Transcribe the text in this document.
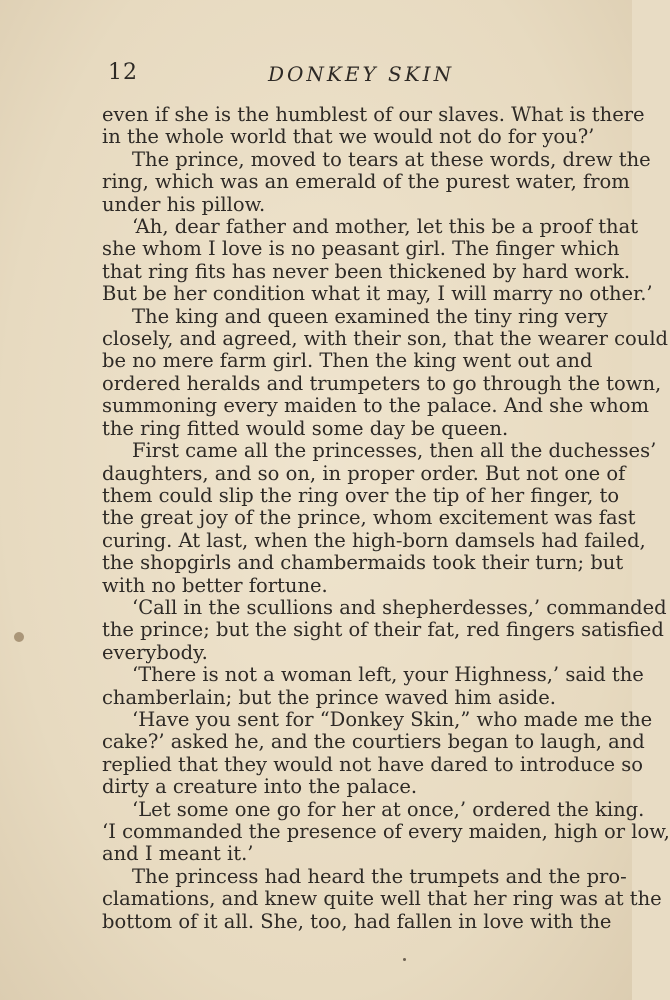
12	DONKEY SKIN
even if she is the humblest of our slaves. What is there
in the whole world that we would not do for you?’
The prince, moved to tears at these words, drew the
ring, which was an emerald of the purest water, from
under his pillow.
‘Ah, dear father and mother, let this be a proof that
she whom I love is no peasant girl. The finger which
that ring fits has never been thickened by hard work.
But be her condition what it may, I will marry no other.’
The king and queen examined the tiny ring very
closely, and agreed, with their son, that the wearer could
be no mere farm girl. Then the king went out and
ordered heralds and trumpeters to go through the town,
summoning every maiden to the palace. And she whom
the ring fitted would some day be queen.
First came all the princesses, then all the duchesses’
daughters, and so on, in proper order. But not one of
them could slip the ring over the tip of her finger, to
the great joy of the prince, whom excitement was fast
curing. At last, when the high-born damsels had failed,
the shopgirls and chambermaids took their turn; but
with no better fortune.
‘Call in the scullions and shepherdesses,’ commanded
the prince; but the sight of their fat, red fingers satisfied
everybody.
‘There is not a woman left, your Highness,’ said the
chamberlain; but the prince waved him aside.
‘Have you sent for “Donkey Skin,” who made me the
cake?’ asked he, and the courtiers began to laugh, and
replied that they would not have dared to introduce so
dirty a creature into the palace.
‘Let some one go for her at once,’ ordered the king.
‘I commanded the presence of every maiden, high or low,
and I meant it.’
The princess had heard the trumpets and the pro-
clamations, and knew quite well that her ring was at the
bottom of it all. She, too, had fallen in love with the
